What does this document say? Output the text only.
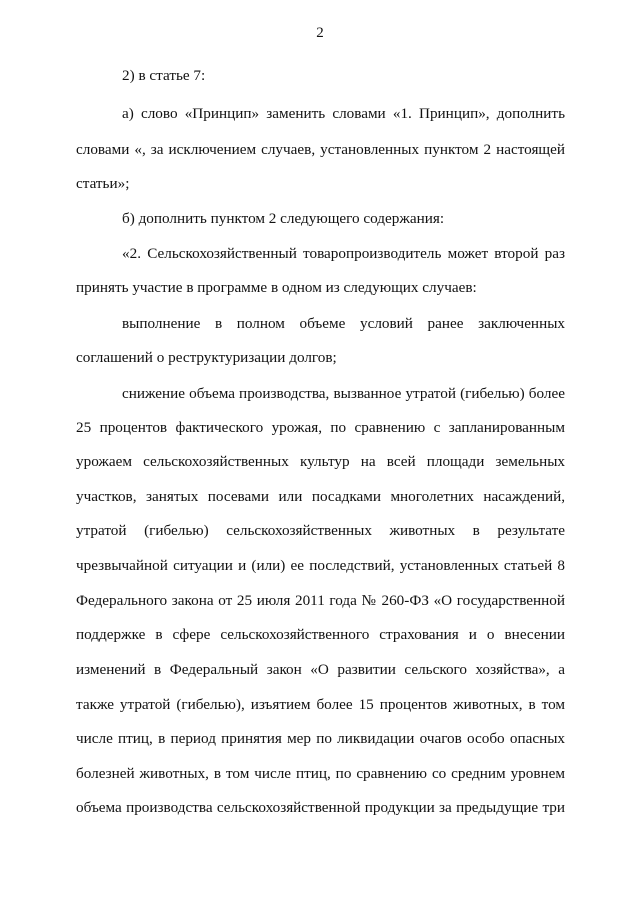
2
2) в статье 7:
а) слово «Принцип» заменить словами «1. Принцип», дополнить
словами «, за исключением случаев, установленных пунктом 2 настоящей
статьи»;
б) дополнить пунктом 2 следующего содержания:
«2. Сельскохозяйственный товаропроизводитель может второй раз
принять участие в программе в одном из следующих случаев:
выполнение в полном объеме условий ранее заключенных
соглашений о реструктуризации долгов;
снижение объема производства, вызванное утратой (гибелью) более
25 процентов фактического урожая, по сравнению с запланированным
урожаем сельскохозяйственных культур на всей площади земельных
участков, занятых посевами или посадками многолетних насаждений,
утратой (гибелью) сельскохозяйственных животных в результате
чрезвычайной ситуации и (или) ее последствий, установленных статьей 8
Федерального закона от 25 июля 2011 года № 260-ФЗ «О государственной
поддержке в сфере сельскохозяйственного страхования и о внесении
изменений в Федеральный закон «О развитии сельского хозяйства», а
также утратой (гибелью), изъятием более 15 процентов животных, в том
числе птиц, в период принятия мер по ликвидации очагов особо опасных
болезней животных, в том числе птиц, по сравнению со средним уровнем
объема производства сельскохозяйственной продукции за предыдущие три
